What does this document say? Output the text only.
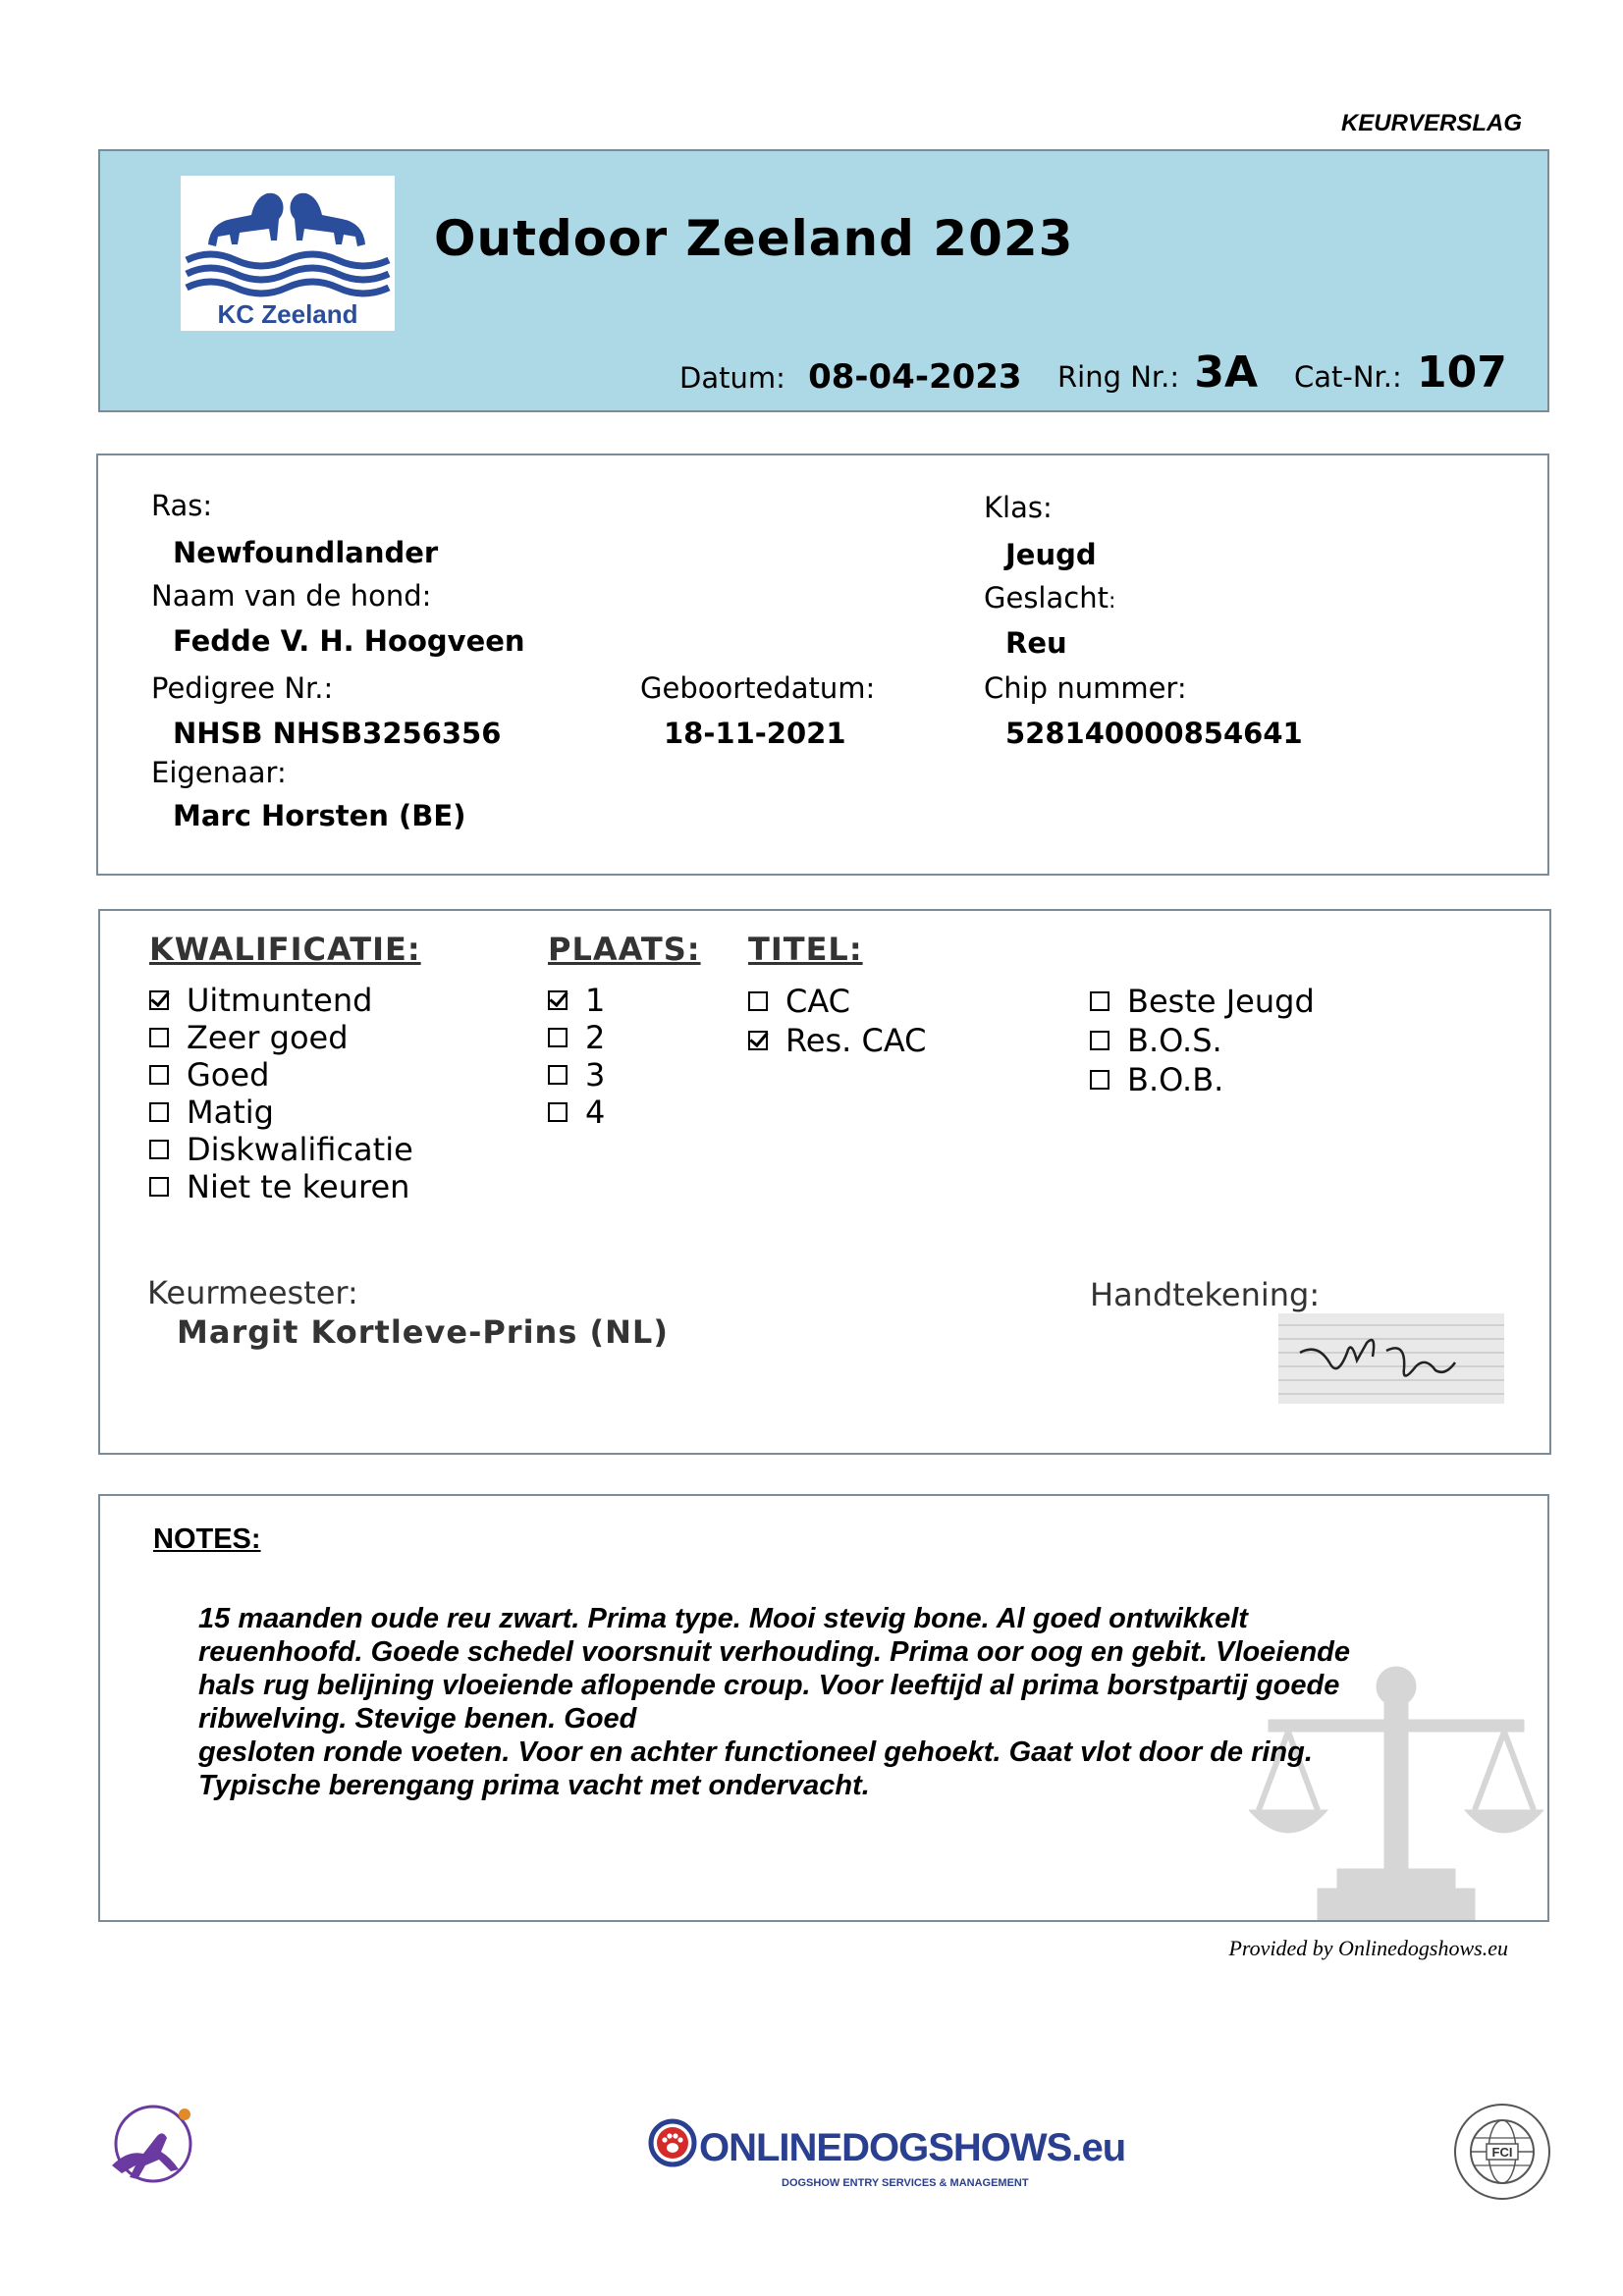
KEURVERSLAG
KC Zeeland
Outdoor Zeeland 2023
Datum: 08-04-2023 Ring Nr.: 3A Cat-Nr.: 107
Ras:
Newfoundlander
Naam van de hond:
Fedde V. H. Hoogveen
Pedigree Nr.:
NHSB NHSB3256356
Eigenaar:
Marc Horsten (BE)
Geboortedatum:
18-11-2021
Klas:
Jeugd
Geslacht:
Reu
Chip nummer:
528140000854641
KWALIFICATIE:
Uitmuntend
Zeer goed
Goed
Matig
Diskwalificatie
Niet te keuren
PLAATS:
1
2
3
4
TITEL:
CAC
Res. CAC
Beste Jeugd
B.O.S.
B.O.B.
Keurmeester:
Margit Kortleve-Prins (NL)
Handtekening:
NOTES:
15 maanden oude reu zwart. Prima type. Mooi stevig bone. Al goed ontwikkelt
reuenhoofd. Goede schedel voorsnuit verhouding. Prima oor oog en gebit. Vloeiende
hals rug belijning vloeiende aflopende croup. Voor leeftijd al prima borstpartij goede
ribwelving. Stevige benen. Goed
gesloten ronde voeten. Voor en achter functioneel gehoekt. Gaat vlot door de ring.
Typische berengang prima vacht met ondervacht.
Provided by Onlinedogshows.eu
ONLINEDOGSHOWS.eu
DOGSHOW ENTRY SERVICES & MANAGEMENT
FCI
